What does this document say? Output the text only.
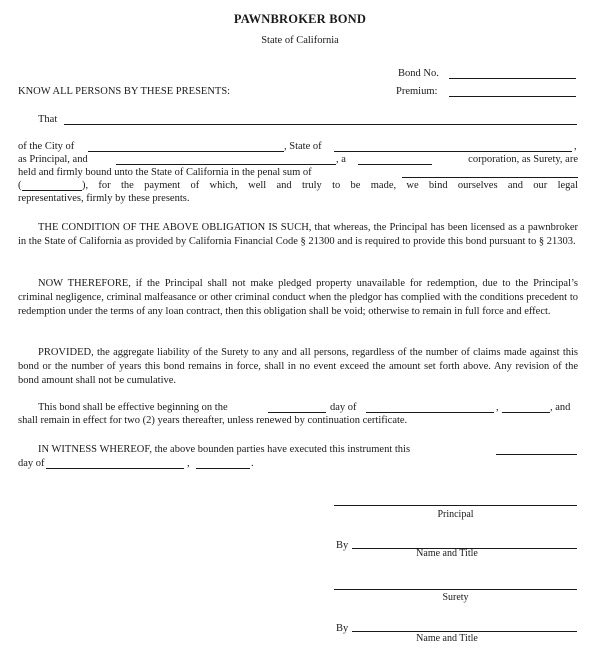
PAWNBROKER BOND
State of California
Bond No.
KNOW ALL PERSONS BY THESE PRESENTS:	Premium:
That
of the City of	, State of	,
as Principal, and	, a	corporation, as Surety, are
held and firmly bound unto the State of California in the penal sum of
(	), for the payment of which, well and truly to be made, we bind ourselves and our legal
representatives, firmly by these presents.
THE CONDITION OF THE ABOVE OBLIGATION IS SUCH, that whereas, the Principal has been licensed as a pawnbroker in the State of California as provided by California Financial Code § 21300 and is required to provide this bond pursuant to § 21303.
NOW THEREFORE, if the Principal shall not make pledged property unavailable for redemption, due to the Principal’s criminal negligence, criminal malfeasance or other criminal conduct when the pledgor has complied with the conditions precedent to redemption under the terms of any loan contract, then this obligation shall be void; otherwise to remain in full force and effect.
PROVIDED, the aggregate liability of the Surety to any and all persons, regardless of the number of claims made against this bond or the number of years this bond remains in force, shall in no event exceed the amount set forth above. Any revision of the bond amount shall not be cumulative.
This bond shall be effective beginning on the	day of	,	, and
shall remain in effect for two (2) years thereafter, unless renewed by continuation certificate.
IN WITNESS WHEREOF, the above bounden parties have executed this instrument this
day of	,	.
Principal
By
Name and Title
Surety
By
Name and Title
